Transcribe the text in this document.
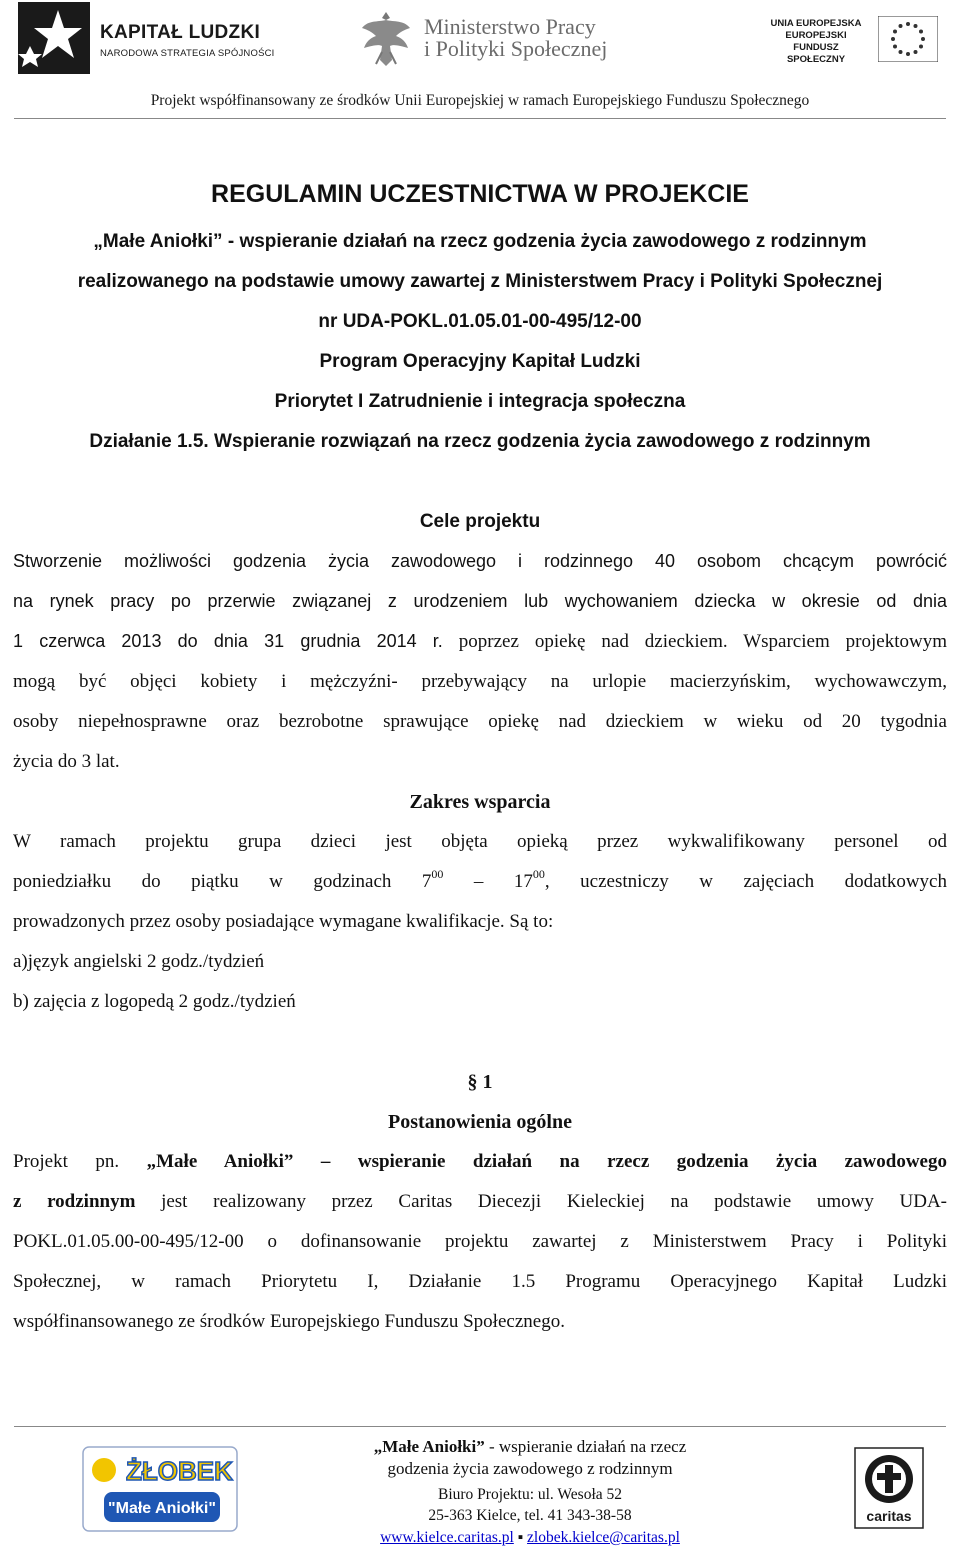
KAPITAŁ LUDZKI
NARODOWA STRATEGIA SPÓJNOŚCI
Ministerstwo Pracy
i Polityki Społecznej
UNIA EUROPEJSKA
EUROPEJSKI
FUNDUSZ SPOŁECZNY
Projekt współfinansowany ze środków Unii Europejskiej w ramach Europejskiego Funduszu Społecznego
REGULAMIN UCZESTNICTWA W PROJEKCIE
„Małe Aniołki” - wspieranie działań na rzecz godzenia życia zawodowego z rodzinnym
realizowanego na podstawie umowy zawartej z Ministerstwem Pracy i Polityki Społecznej
nr UDA-POKL.01.05.01-00-495/12-00
Program Operacyjny Kapitał Ludzki
Priorytet I Zatrudnienie i integracja społeczna
Działanie 1.5. Wspieranie rozwiązań na rzecz godzenia życia zawodowego z rodzinnym
Cele projektu
Stworzenie możliwości godzenia życia zawodowego i rodzinnego 40 osobom chcącym powrócić
na rynek pracy po przerwie związanej z urodzeniem lub wychowaniem dziecka w okresie od dnia
1 czerwca 2013 do dnia 31 grudnia 2014 r. poprzez opiekę nad dzieckiem. Wsparciem projektowym
mogą być objęci kobiety i mężczyźni- przebywający na urlopie macierzyńskim, wychowawczym,
osoby niepełnosprawne oraz bezrobotne sprawujące opiekę nad dzieckiem w wieku od 20 tygodnia
życia do 3 lat.
Zakres wsparcia
W ramach projektu grupa dzieci jest objęta opieką przez wykwalifikowany personel od
poniedziałku do piątku w godzinach $7^{00} - 17^{00}$, uczestniczy w zajęciach dodatkowych
prowadzonych przez osoby posiadające wymagane kwalifikacje. Są to:
a)język angielski 2 godz./tydzień
b) zajęcia z logopedą 2 godz./tydzień
§ 1
Postanowienia ogólne
Projekt pn. „Małe Aniołki” – wspieranie działań na rzecz godzenia życia zawodowego
z rodzinnym jest realizowany przez Caritas Diecezji Kieleckiej na podstawie umowy UDA-
POKL.01.05.00-00-495/12-00 o dofinansowanie projektu zawartej z Ministerstwem Pracy i Polityki
Społecznej, w ramach Priorytetu I, Działanie 1.5 Programu Operacyjnego Kapitał Ludzki
współfinansowanego ze środków Europejskiego Funduszu Społecznego.
ŻŁOBEK
"Małe Aniołki"
„Małe Aniołki” - wspieranie działań na rzecz
godzenia życia zawodowego z rodzinnym
Biuro Projektu: ul. Wesoła 52
25-363 Kielce, tel. 41 343-38-58
www.kielce.caritas.pl ▪ zlobek.kielce@caritas.pl
caritas
